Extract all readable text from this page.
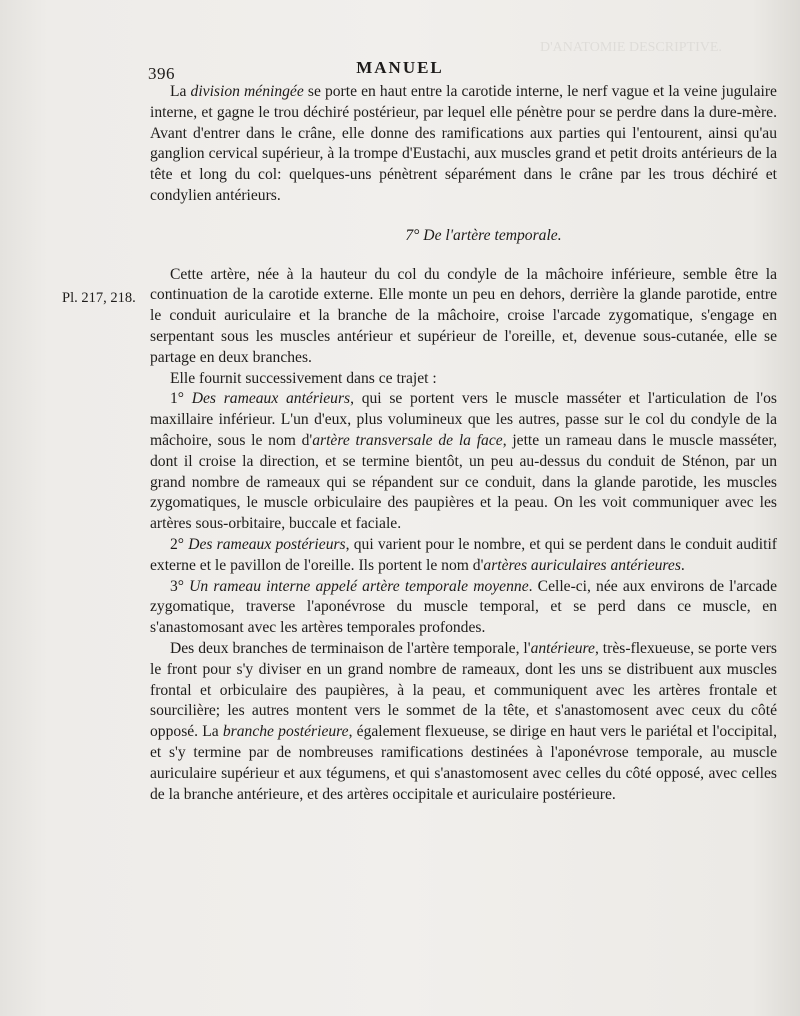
D'ANATOMIE DESCRIPTIVE.
396	MANUEL
Pl. 217, 218.

La division méningée se porte en haut entre la carotide interne, le nerf vague et la veine jugulaire interne, et gagne le trou déchiré postérieur, par lequel elle pénètre pour se perdre dans la dure-mère. Avant d'entrer dans le crâne, elle donne des ramifications aux parties qui l'entourent, ainsi qu'au ganglion cervical supérieur, à la trompe d'Eustachi, aux muscles grand et petit droits antérieurs de la tête et long du col: quelques-uns pénètrent séparément dans le crâne par les trous déchiré et condylien antérieurs.

7° De l'artère temporale.

Cette artère, née à la hauteur du col du condyle de la mâchoire inférieure, semble être la continuation de la carotide externe. Elle monte un peu en dehors, derrière la glande parotide, entre le conduit auriculaire et la branche de la mâchoire, croise l'arcade zygomatique, s'engage en serpentant sous les muscles antérieur et supérieur de l'oreille, et, devenue sous-cutanée, elle se partage en deux branches.

Elle fournit successivement dans ce trajet :

1° Des rameaux antérieurs, qui se portent vers le muscle masséter et l'articulation de l'os maxillaire inférieur. L'un d'eux, plus volumineux que les autres, passe sur le col du condyle de la mâchoire, sous le nom d'artère transversale de la face, jette un rameau dans le muscle masséter, dont il croise la direction, et se termine bientôt, un peu au-dessus du conduit de Sténon, par un grand nombre de rameaux qui se répandent sur ce conduit, dans la glande parotide, les muscles zygomatiques, le muscle orbiculaire des paupières et la peau. On les voit communiquer avec les artères sous-orbitaire, buccale et faciale.

2° Des rameaux postérieurs, qui varient pour le nombre, et qui se perdent dans le conduit auditif externe et le pavillon de l'oreille. Ils portent le nom d'artères auriculaires antérieures.

3° Un rameau interne appelé artère temporale moyenne. Celle-ci, née aux environs de l'arcade zygomatique, traverse l'aponévrose du muscle temporal, et se perd dans ce muscle, en s'anastomosant avec les artères temporales profondes.

Des deux branches de terminaison de l'artère temporale, l'antérieure, très-flexueuse, se porte vers le front pour s'y diviser en un grand nombre de rameaux, dont les uns se distribuent aux muscles frontal et orbiculaire des paupières, à la peau, et communiquent avec les artères frontale et sourcilière; les autres montent vers le sommet de la tête, et s'anastomosent avec ceux du côté opposé. La branche postérieure, également flexueuse, se dirige en haut vers le pariétal et l'occipital, et s'y termine par de nombreuses ramifications destinées à l'aponévrose temporale, au muscle auriculaire supérieur et aux tégumens, et qui s'anastomosent avec celles du côté opposé, avec celles de la branche antérieure, et des artères occipitale et auriculaire postérieure.
